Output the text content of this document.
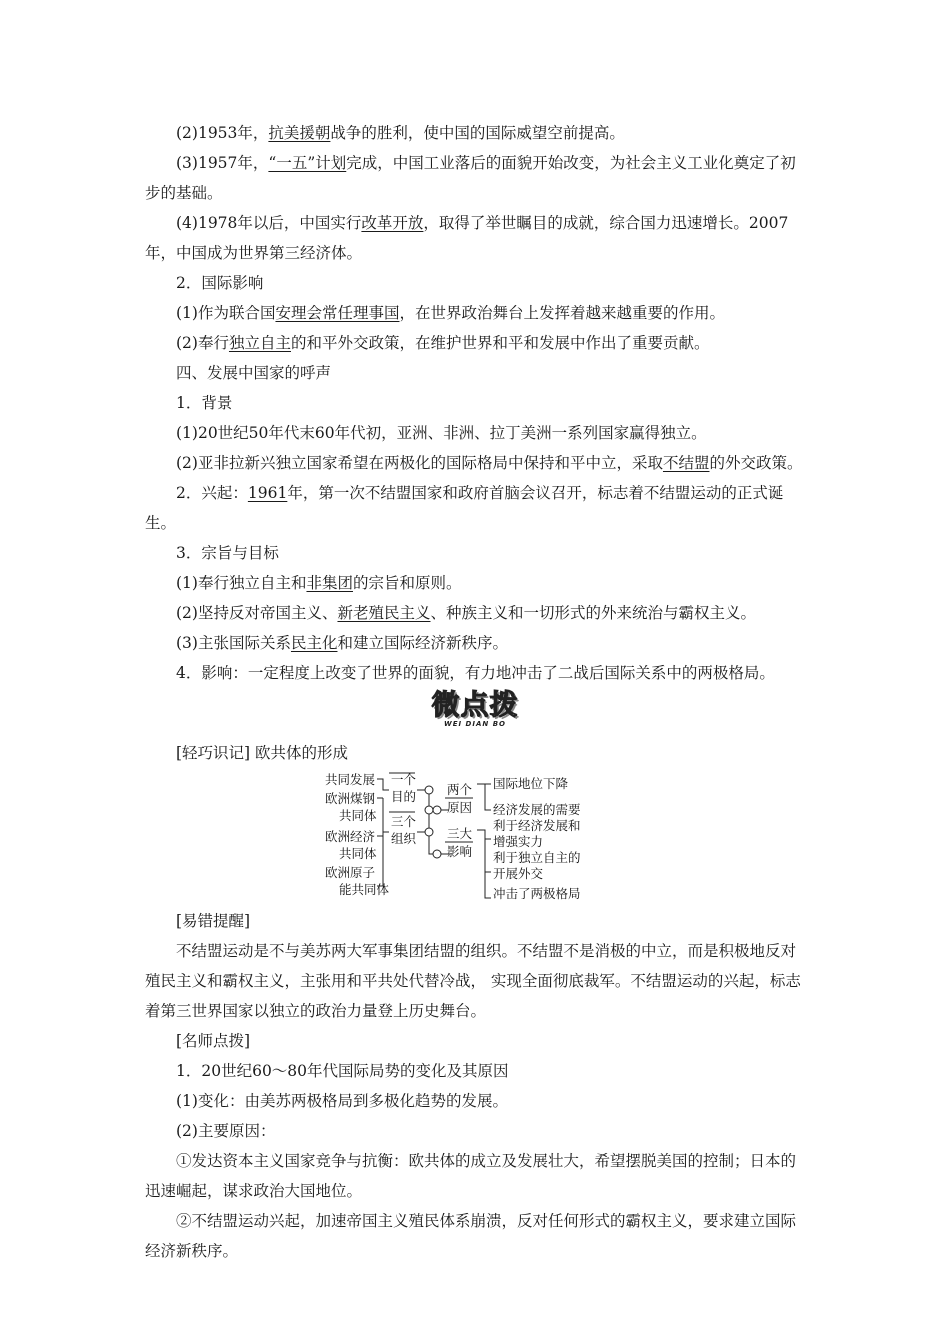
(2)1953年，抗美援朝战争的胜利，使中国的国际威望空前提高。

(3)1957年，“一五”计划完成，中国工业落后的面貌开始改变，为社会主义工业化奠定了初步的基础。

(4)1978年以后，中国实行改革开放，取得了举世瞩目的成就，综合国力迅速增长。2007年，中国成为世界第三经济体。

2．国际影响

(1)作为联合国安理会常任理事国，在世界政治舞台上发挥着越来越重要的作用。

(2)奉行独立自主的和平外交政策，在维护世界和平和发展中作出了重要贡献。

四、发展中国家的呼声

1．背景

(1)20世纪50年代末60年代初，亚洲、非洲、拉丁美洲一系列国家赢得独立。

(2)亚非拉新兴独立国家希望在两极化的国际格局中保持和平中立，采取不结盟的外交政策。

2．兴起：1961年，第一次不结盟国家和政府首脑会议召开，标志着不结盟运动的正式诞生。

3．宗旨与目标

(1)奉行独立自主和非集团的宗旨和原则。

(2)坚持反对帝国主义、新老殖民主义、种族主义和一切形式的外来统治与霸权主义。

(3)主张国际关系民主化和建立国际经济新秩序。

4．影响：一定程度上改变了世界的面貌，有力地冲击了二战后国际关系中的两极格局。

微点拨
WEI DIAN BO

[轻巧识记] 欧共体的形成

共同发展
欧洲煤钢
共同体
欧洲经济
共同体
欧洲原子
能共同体
一个
目的
三个
组织
两个
原因
三大
影响
国际地位下降
经济发展的需要
利于经济发展和
增强实力
利于独立自主的
开展外交
冲击了两极格局

[易错提醒]

不结盟运动是不与美苏两大军事集团结盟的组织。不结盟不是消极的中立，而是积极地反对殖民主义和霸权主义，主张用和平共处代替冷战， 实现全面彻底裁军。不结盟运动的兴起，标志着第三世界国家以独立的政治力量登上历史舞台。

[名师点拨]

1．20世纪60～80年代国际局势的变化及其原因

(1)变化：由美苏两极格局到多极化趋势的发展。

(2)主要原因：

①发达资本主义国家竞争与抗衡：欧共体的成立及发展壮大，希望摆脱美国的控制；日本的迅速崛起，谋求政治大国地位。

②不结盟运动兴起，加速帝国主义殖民体系崩溃，反对任何形式的霸权主义，要求建立国际经济新秩序。
